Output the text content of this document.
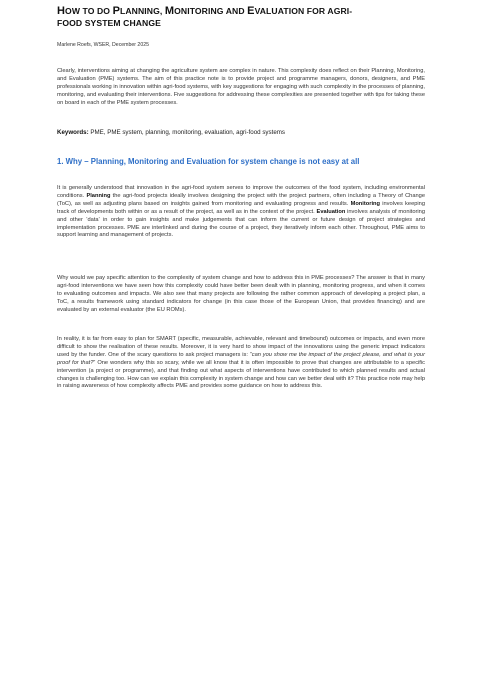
HOW TO DO PLANNING, MONITORING AND EVALUATION FOR AGRI-
FOOD SYSTEM CHANGE
Marlene Roefs, WSER, December 2025

Clearly, interventions aiming at changing the agriculture system are complex in nature. This complexity does reflect on their Planning, Monitoring, and Evaluation (PME) systems. The aim of this practice note is to provide project and programme managers, donors, designers, and PME professionals working in innovation within agri-food systems, with key suggestions for engaging with such complexity in the processes of planning, monitoring, and evaluating their interventions. Five suggestions for addressing these complexities are presented together with tips for taking these on board in each of the PME system processes.

Keywords: PME, PME system, planning, monitoring, evaluation, agri-food systems

1. Why – Planning, Monitoring and Evaluation for system change is not easy at all

It is generally understood that innovation in the agri-food system serves to improve the outcomes of the food system, including environmental conditions. Planning the agri-food projects ideally involves designing the project with the project partners, often including a Theory of Change (ToC), as well as adjusting plans based on insights gained from monitoring and evaluating progress and results. Monitoring involves keeping track of developments both within or as a result of the project, as well as in the context of the project. Evaluation involves analysis of monitoring and other ‘data’ in order to gain insights and make judgements that can inform the current or future design of project strategies and implementation processes. PME are interlinked and during the course of a project, they iteratively inform each other. Throughout, PME aims to support learning and management of projects.

Why would we pay specific attention to the complexity of system change and how to address this in PME processes? The answer is that in many agri-food interventions we have seen how this complexity could have better been dealt with in planning, monitoring progress, and when it comes to evaluating outcomes and impacts. We also see that many projects are following the rather common approach of developing a project plan, a ToC, a results framework using standard indicators for change (in this case those of the European Union, that provides financing) and are evaluated by an external evaluator (the EU ROMs).

In reality, it is far from easy to plan for SMART (specific, measurable, achievable, relevant and timebound) outcomes or impacts, and even more difficult to show the realisation of these results. Moreover, it is very hard to show impact of the innovations using the generic impact indicators used by the funder. One of the scary questions to ask project managers is: “can you show me the impact of the project please, and what is your proof for that?” One wonders why this so scary, while we all know that it is often impossible to prove that changes are attributable to a specific intervention (a project or programme), and that finding out what aspects of interventions have contributed to which planned results and actual changes is challenging too. How can we explain this complexity in system change and how can we better deal with it? This practice note may help in raising awareness of how complexity affects PME and provides some guidance on how to address this.
